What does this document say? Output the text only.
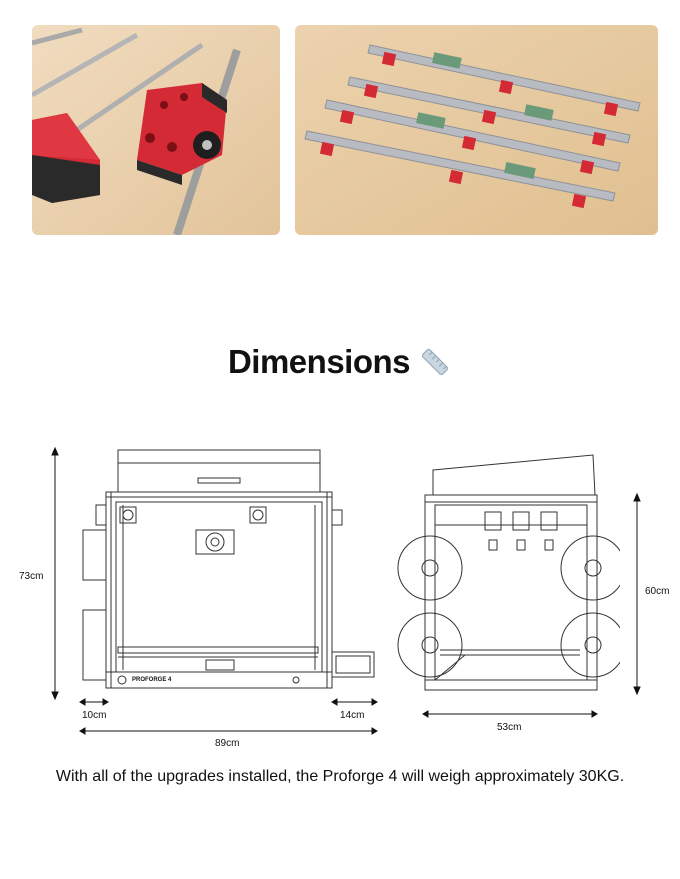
Dimensions
PROFORGE 4
73cm
10cm	14cm
89cm
53cm
60cm
With all of the upgrades installed, the Proforge 4 will weigh approximately 30KG.
